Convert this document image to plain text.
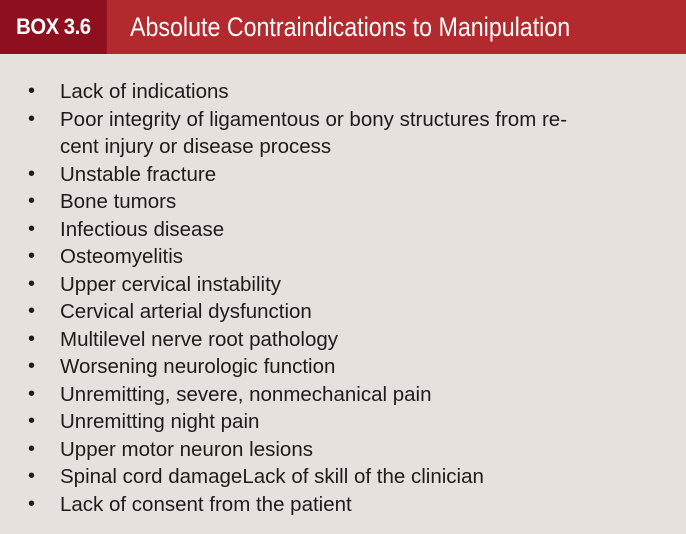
BOX 3.6	Absolute Contraindications to Manipulation
• Lack of indications
• Poor integrity of ligamentous or bony structures from re-
cent injury or disease process
• Unstable fracture
• Bone tumors
• Infectious disease
• Osteomyelitis
• Upper cervical instability
• Cervical arterial dysfunction
• Multilevel nerve root pathology
• Worsening neurologic function
• Unremitting, severe, nonmechanical pain
• Unremitting night pain
• Upper motor neuron lesions
• Spinal cord damageLack of skill of the clinician
• Lack of consent from the patient
